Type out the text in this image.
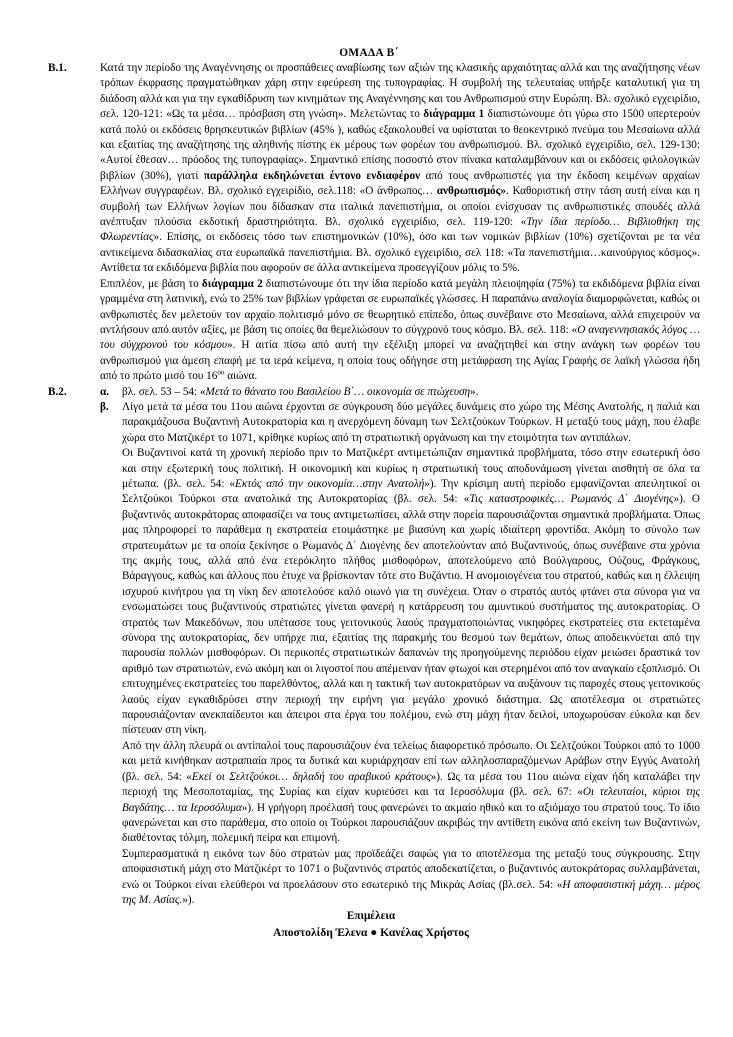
ΟΜΑΔΑ Β΄
Β.1.	Κατά την περίοδο της Αναγέννησης οι προσπάθειες αναβίωσης των αξιών της κλασικής αρχαιότητας αλλά και της αναζήτησης νέων τρόπων έκφρασης πραγματώθηκαν χάρη στην εφεύρεση της τυπογραφίας. Η συμβολή της τελευταίας υπήρξε καταλυτική για τη διάδοση αλλά και για την εγκαθίδρυση των κινημάτων της Αναγέννησης και του Ανθρωπισμού στην Ευρώπη. Βλ. σχολικό εγχειρίδιο, σελ. 120-121: «Ως τα μέσα… πρόσβαση στη γνώση». Μελετώντας το διάγραμμα 1 διαπιστώνουμε ότι γύρω στο 1500 υπερτερούν κατά πολύ οι εκδόσεις θρησκευτικών βιβλίων (45% ), καθώς εξακολουθεί να υφίσταται το θεοκεντρικό πνεύμα του Μεσαίωνα αλλά και εξαιτίας της αναζήτησης της αληθινής πίστης εκ μέρους των φορέων του ανθρωπισμού. Βλ. σχολικό εγχειρίδιο, σελ. 129-130: «Αυτοί έθεσαν… πρόοδος της τυπογραφίας». Σημαντικό επίσης ποσοστό στον πίνακα καταλαμβάνουν και οι εκδόσεις φιλολογικών βιβλίων (30%), γιατί παράλληλα εκδηλώνεται έντονο ενδιαφέρον από τους ανθρωπιστές για την έκδοση κειμένων αρχαίων Ελλήνων συγγραφέων. Βλ. σχολικό εγχειρίδιο, σελ.118: «Ο άνθρωπος… ανθρωπισμός». Καθοριστική στην τάση αυτή είναι και η συμβολή των Ελλήνων λογίων που δίδασκαν στα ιταλικά πανεπιστήμια, οι οποίοι ενίσχυσαν τις ανθρωπιστικές σπουδές αλλά ανέπτυξαν πλούσια εκδοτική δραστηριότητα. Βλ. σχολικό εγχειρίδιο, σελ. 119-120: «Την ίδια περίοδο… Βιβλιοθήκη της Φλωρεντίας». Επίσης, οι εκδόσεις τόσο των επιστημονικών (10%), όσο και των νομικών βιβλίων (10%) σχετίζονται με τα νέα αντικείμενα διδασκαλίας στα ευρωπαϊκά πανεπιστήμια. Βλ. σχολικό εγχειρίδιο, σελ 118: «Τα πανεπιστήμια…καινούργιος κόσμος». Αντίθετα τα εκδιδόμενα βιβλία που αφορούν σε άλλα αντικείμενα προσεγγίζουν μόλις το 5%.

Επιπλέον, με βάση το διάγραμμα 2 διαπιστώνουμε ότι την ίδια περίοδο κατά μεγάλη πλειοψηφία (75%) τα εκδιδόμενα βιβλία είναι γραμμένα στη λατινική, ενώ το 25% των βιβλίων γράφεται σε ευρωπαϊκές γλώσσες. Η παραπάνω αναλογία διαμορφώνεται, καθώς οι ανθρωπιστές δεν μελετούν τον αρχαίο πολιτισμό μόνο σε θεωρητικό επίπεδο, όπως συνέβαινε στο Μεσαίωνα, αλλά επιχειρούν να αντλήσουν από αυτόν αξίες, με βάση τις οποίες θα θεμελιώσουν το σύγχρονό τους κόσμο. Βλ. σελ. 118: «Ο αναγεννησιακός λόγος … του σύγχρονού του κόσμου». Η αιτία πίσω από αυτή την εξέλιξη μπορεί να αναζητηθεί και στην ανάγκη των φορέων του ανθρωπισμού για άμεση επαφή με τα ιερά κείμενα, η οποία τους οδήγησε στη μετάφραση της Αγίας Γραφής σε λαϊκή γλώσσα ήδη από το πρώτο μισό του $16^{o\upsilon}$ αιώνα.

Β.2.	α.	βλ. σελ. 53 – 54: «Μετά το θάνατο του Βασιλείου Β΄… οικονομία σε πτώχευση».

β.	Λίγο μετά τα μέσα του 11ου αιώνα έρχονται σε σύγκρουση δύο μεγάλες δυνάμεις στο χώρο της Μέσης Ανατολής, η παλιά και παρακμάζουσα Βυζαντινή Αυτοκρατορία και η ανερχόμενη δύναμη των Σελτζούκων Τούρκων. Η μεταξύ τους μάχη, που έλαβε χώρα στο Ματζικέρτ το 1071, κρίθηκε κυρίως από τη στρατιωτική οργάνωση και την ετοιμότητα των αντιπάλων.

Οι Βυζαντινοί κατά τη χρονική περίοδο πριν το Ματζικέρτ αντιμετώπιζαν σημαντικά προβλήματα, τόσο στην εσωτερική όσο και στην εξωτερική τους πολιτική. Η οικονομική και κυρίως η στρατιωτική τους αποδυνάμωση γίνεται αισθητή σε όλα τα μέτωπα. (βλ. σελ. 54: «Εκτός από την οικονομία…στην Ανατολή»). Την κρίσιμη αυτή περίοδο εμφανίζονται απειλητικοί οι Σελτζούκοι Τούρκοι στα ανατολικά της Αυτοκρατορίας (βλ. σελ. 54: «Τις καταστροφικές… Ρωμανός Δ΄ Διογένης»). Ο βυζαντινός αυτοκράτορας αποφασίζει να τους αντιμετωπίσει, αλλά στην πορεία παρουσιάζονται σημαντικά προβλήματα. Όπως μας πληροφορεί το παράθεμα η εκστρατεία ετοιμάστηκε με βιασύνη και χωρίς ιδιαίτερη φροντίδα. Ακόμη το σύνολο των στρατευμάτων με τα οποία ξεκίνησε ο Ρωμανός Δ΄ Διογένης δεν αποτελούνταν από Βυζαντινούς, όπως συνέβαινε στα χρόνια της ακμής τους, αλλά από ένα ετερόκλητο πλήθος μισθοφόρων, αποτελούμενο από Βούλγαρους, Ούζους, Φράγκους, Βάραγγους, καθώς και άλλους που έτυχε να βρίσκονταν τότε στο Βυζάντιο. Η ανομοιογένεια του στρατού, καθώς και η έλλειψη ισχυρού κινήτρου για τη νίκη δεν αποτελούσε καλό οιωνό για τη συνέχεια. Όταν ο στρατός αυτός φτάνει στα σύνορα για να ενσωματώσει τους βυζαντινούς στρατιώτες γίνεται φανερή η κατάρρευση του αμυντικού συστήματος της αυτοκρατορίας. Ο στρατός των Μακεδόνων, που υπέτασσε τους γειτονικούς λαούς πραγματοποιώντας νικηφόρες εκστρατείες στα εκτεταμένα σύνορα της αυτοκρατορίας, δεν υπήρχε πια, εξαιτίας της παρακμής του θεσμού των θεμάτων, όπως αποδεικνύεται από την παρουσία πολλών μισθοφόρων. Οι περικοπές στρατιωτικών δαπανών της προηγούμενης περιόδου είχαν μειώσει δραστικά τον αριθμό των στρατιωτών, ενώ ακόμη και οι λιγοστοί που απέμειναν ήταν φτωχοί και στερημένοι από τον αναγκαίο εξοπλισμό. Οι επιτυχημένες εκστρατείες του παρελθόντος, αλλά και η τακτική των αυτοκρατόρων να αυξάνουν τις παροχές στους γειτονικούς λαούς είχαν εγκαθιδρύσει στην περιοχή την ειρήνη για μεγάλο χρονικό διάστημα. Ως αποτέλεσμα οι στρατιώτες παρουσιάζονταν ανεκπαίδευτοι και άπειροι στα έργα του πολέμου, ενώ στη μάχη ήταν δειλοί, υποχωρούσαν εύκολα και δεν πίστευαν στη νίκη.

Από την άλλη πλευρά οι αντίπαλοί τους παρουσιάζουν ένα τελείως διαφορετικό πρόσωπο. Οι Σελτζούκοι Τούρκοι από το 1000 και μετά κινήθηκαν αστραπιαία προς τα δυτικά και κυριάρχησαν επί των αλληλοσπαραζόμενων Αράβων στην Εγγύς Ανατολή (βλ. σελ. 54: «Εκεί οι Σελτζούκοι… δηλαδή του αραβικού κράτους»). Ως τα μέσα του 11ου αιώνα είχαν ήδη καταλάβει την περιοχή της Μεσοποταμίας, της Συρίας και είχαν κυριεύσει και τα Ιεροσόλυμα (βλ. σελ. 67: «Οι τελευταίοι, κύριοι της Βαγδάτης… τα Ιεροσόλυμα»). Η γρήγορη προέλασή τους φανερώνει το ακμαίο ηθικό και το αξιόμαχο του στρατού τους. Το ίδιο φανερώνεται και στο παράθεμα, στο οποίο οι Τούρκοι παρουσιάζουν ακριβώς την αντίθετη εικόνα από εκείνη των Βυζαντινών, διαθέτοντας τόλμη, πολεμική πείρα και επιμονή.

Συμπερασματικά η εικόνα των δύο στρατών μας προϊδεάζει σαφώς για το αποτέλεσμα της μεταξύ τους σύγκρουσης. Στην αποφασιστική μάχη στο Ματζικέρτ το 1071 ο βυζαντινός στρατός αποδεκατίζεται, ο βυζαντινός αυτοκράτορας συλλαμβάνεται, ενώ οι Τούρκοι είναι ελεύθεροι να προελάσουν στο εσωτερικό της Μικράς Ασίας (βλ.σελ. 54: «Η αποφασιστική μάχη… μέρος της Μ. Ασίας.»).

Επιμέλεια
Αποστολίδη Έλενα ● Κανέλας Χρήστος
